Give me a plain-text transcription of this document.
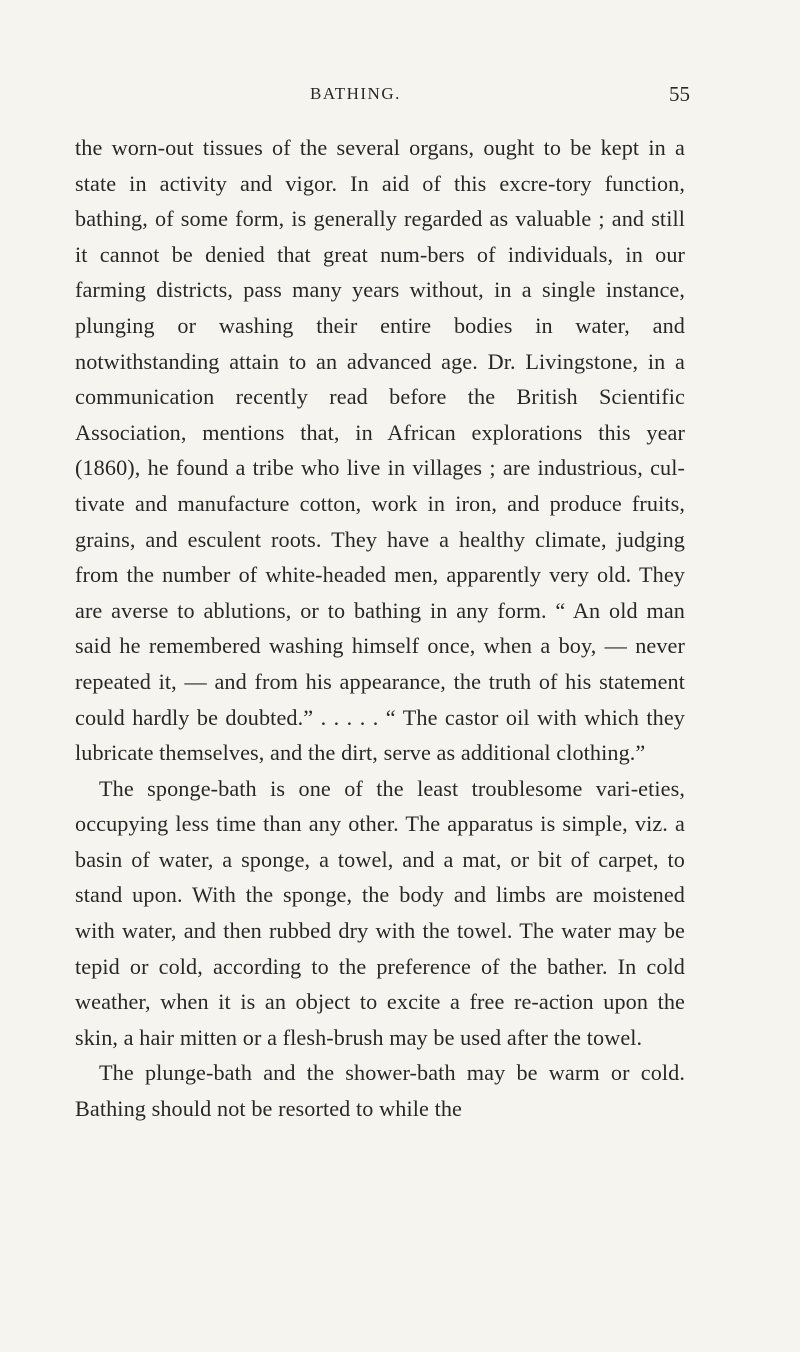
BATHING.	55

the worn-out tissues of the several organs, ought to be kept in a state in activity and vigor. In aid of this excre-tory function, bathing, of some form, is generally regarded as valuable ; and still it cannot be denied that great num-bers of individuals, in our farming districts, pass many years without, in a single instance, plunging or washing their entire bodies in water, and notwithstanding attain to an advanced age. Dr. Livingstone, in a communication recently read before the British Scientific Association, mentions that, in African explorations this year (1860), he found a tribe who live in villages ; are industrious, cul-tivate and manufacture cotton, work in iron, and produce fruits, grains, and esculent roots. They have a healthy climate, judging from the number of white-headed men, apparently very old. They are averse to ablutions, or to bathing in any form. “ An old man said he remembered washing himself once, when a boy, — never repeated it, — and from his appearance, the truth of his statement could hardly be doubted.” . . . . . “ The castor oil with which they lubricate themselves, and the dirt, serve as additional clothing.”

The sponge-bath is one of the least troublesome vari-eties, occupying less time than any other. The apparatus is simple, viz. a basin of water, a sponge, a towel, and a mat, or bit of carpet, to stand upon. With the sponge, the body and limbs are moistened with water, and then rubbed dry with the towel. The water may be tepid or cold, according to the preference of the bather. In cold weather, when it is an object to excite a free re-action upon the skin, a hair mitten or a flesh-brush may be used after the towel.

The plunge-bath and the shower-bath may be warm or cold. Bathing should not be resorted to while the
